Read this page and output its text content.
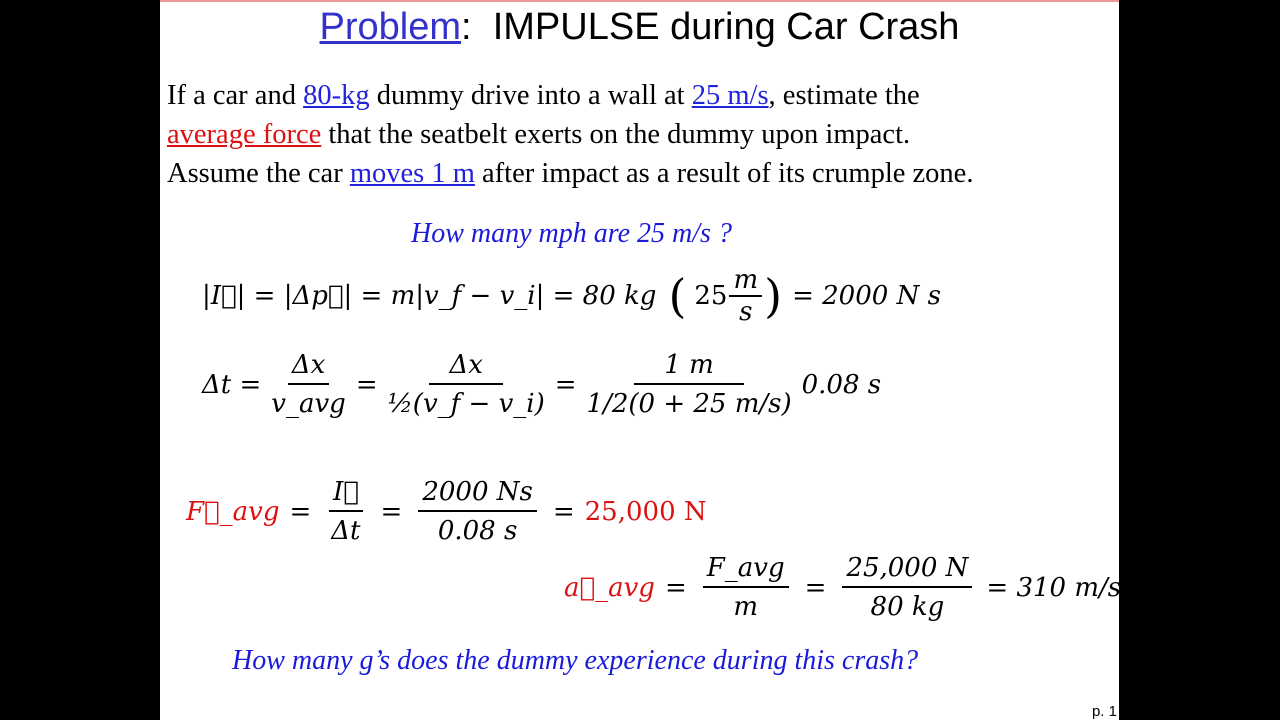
Problem: IMPULSE during Car Crash
If a car and 80-kg dummy drive into a wall at 25 m/s, estimate the
average force that the seatbelt exerts on the dummy upon impact.
Assume the car moves 1 m after impact as a result of its crumple zone.
How many mph are 25 m/s ?
|I⃗| = |Δp⃗| = m|v_f − v_i| = 80 kg ( $25 \frac{m}{s}$ ) = 2000 N s
$\Delta t = \frac{\Delta x}{\text{v\_avg}} = \frac{\Delta x}{\text{½(v\_f − v\_i)}} = \frac{1 m}{1/2(0 + 25 m/s)} 0.08$ s
F⃗_avg = $\frac{I⃗}{\Delta t} = \frac{2000 Ns}{0.08 s} = 25,000$ N
a⃗_avg = $\frac{\text{F\_avg}}{m} = \frac{25,000 N}{80 kg} = 310$ m/s²
How many g’s does the dummy experience during this crash?
p. 1
